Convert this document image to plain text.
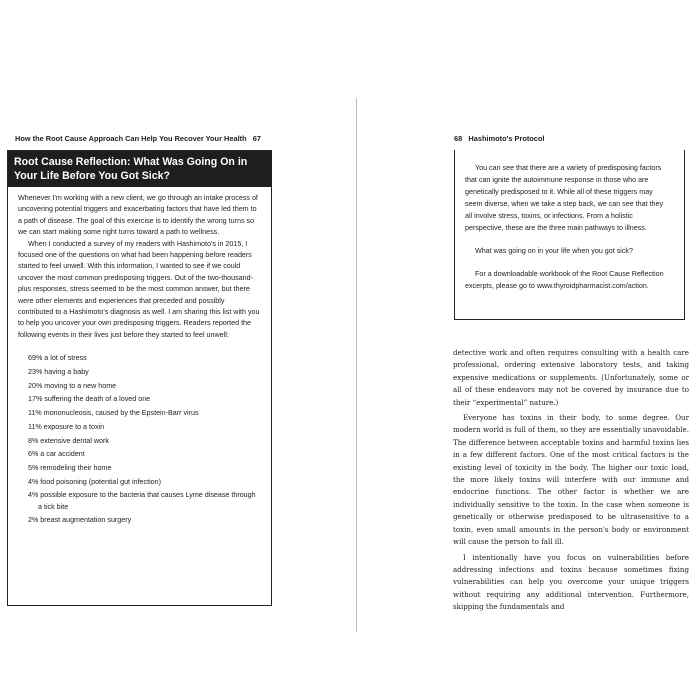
How the Root Cause Approach Can Help You Recover Your Health 67
Root Cause Reflection: What Was Going On in Your Life Before You Got Sick?

Whenever I'm working with a new client, we go through an intake process of uncovering potential triggers and exacerbating factors that have led them to a path of disease. The goal of this exercise is to identify the wrong turns so we can start making some right turns toward a path to wellness.

When I conducted a survey of my readers with Hashimoto's in 2015, I focused one of the questions on what had been happening before readers started to feel unwell. With this information, I wanted to see if we could uncover the most common predisposing triggers. Out of the two-thousand-plus responses, stress seemed to be the most common answer, but there were other elements and experiences that preceded and possibly contributed to a Hashimoto's diagnosis as well. I am sharing this list with you to help you uncover your own predisposing triggers. Readers reported the following events in their lives just before they started to feel unwell:

69% a lot of stress
23% having a baby
20% moving to a new home
17% suffering the death of a loved one
11% mononucleosis, caused by the Epstein-Barr virus
11% exposure to a toxin
8% extensive dental work
6% a car accident
5% remodeling their home
4% food poisoning (potential gut infection)
4% possible exposure to the bacteria that causes Lyme disease through a tick bite
2% breast augmentation surgery
68 Hashimoto's Protocol

You can see that there are a variety of predisposing factors that can ignite the autoimmune response in those who are genetically predisposed to it. While all of these triggers may seem diverse, when we take a step back, we can see that they all involve stress, toxins, or infections. From a holistic perspective, these are the three main pathways to illness.

What was going on in your life when you got sick?

For a downloadable workbook of the Root Cause Reflection excerpts, please go to www.thyroidpharmacist.com/action.

detective work and often requires consulting with a health care professional, ordering extensive laboratory tests, and taking expensive medications or supplements. (Unfortunately, some or all of these endeavors may not be covered by insurance due to their “experimental” nature.)

Everyone has toxins in their body, to some degree. Our modern world is full of them, so they are essentially unavoidable. The difference between acceptable toxins and harmful toxins lies in a few different factors. One of the most critical factors is the existing level of toxicity in the body. The higher our toxic load, the more likely toxins will interfere with our immune and endocrine functions. The other factor is whether we are individually sensitive to the toxin. In the case when someone is genetically or otherwise predisposed to be ultrasensitive to a toxin, even small amounts in the person's body or environment will cause the person to fall ill.

I intentionally have you focus on vulnerabilities before addressing infections and toxins because sometimes fixing vulnerabilities can help you overcome your unique triggers without requiring any additional intervention. Furthermore, skipping the fundamentals and
